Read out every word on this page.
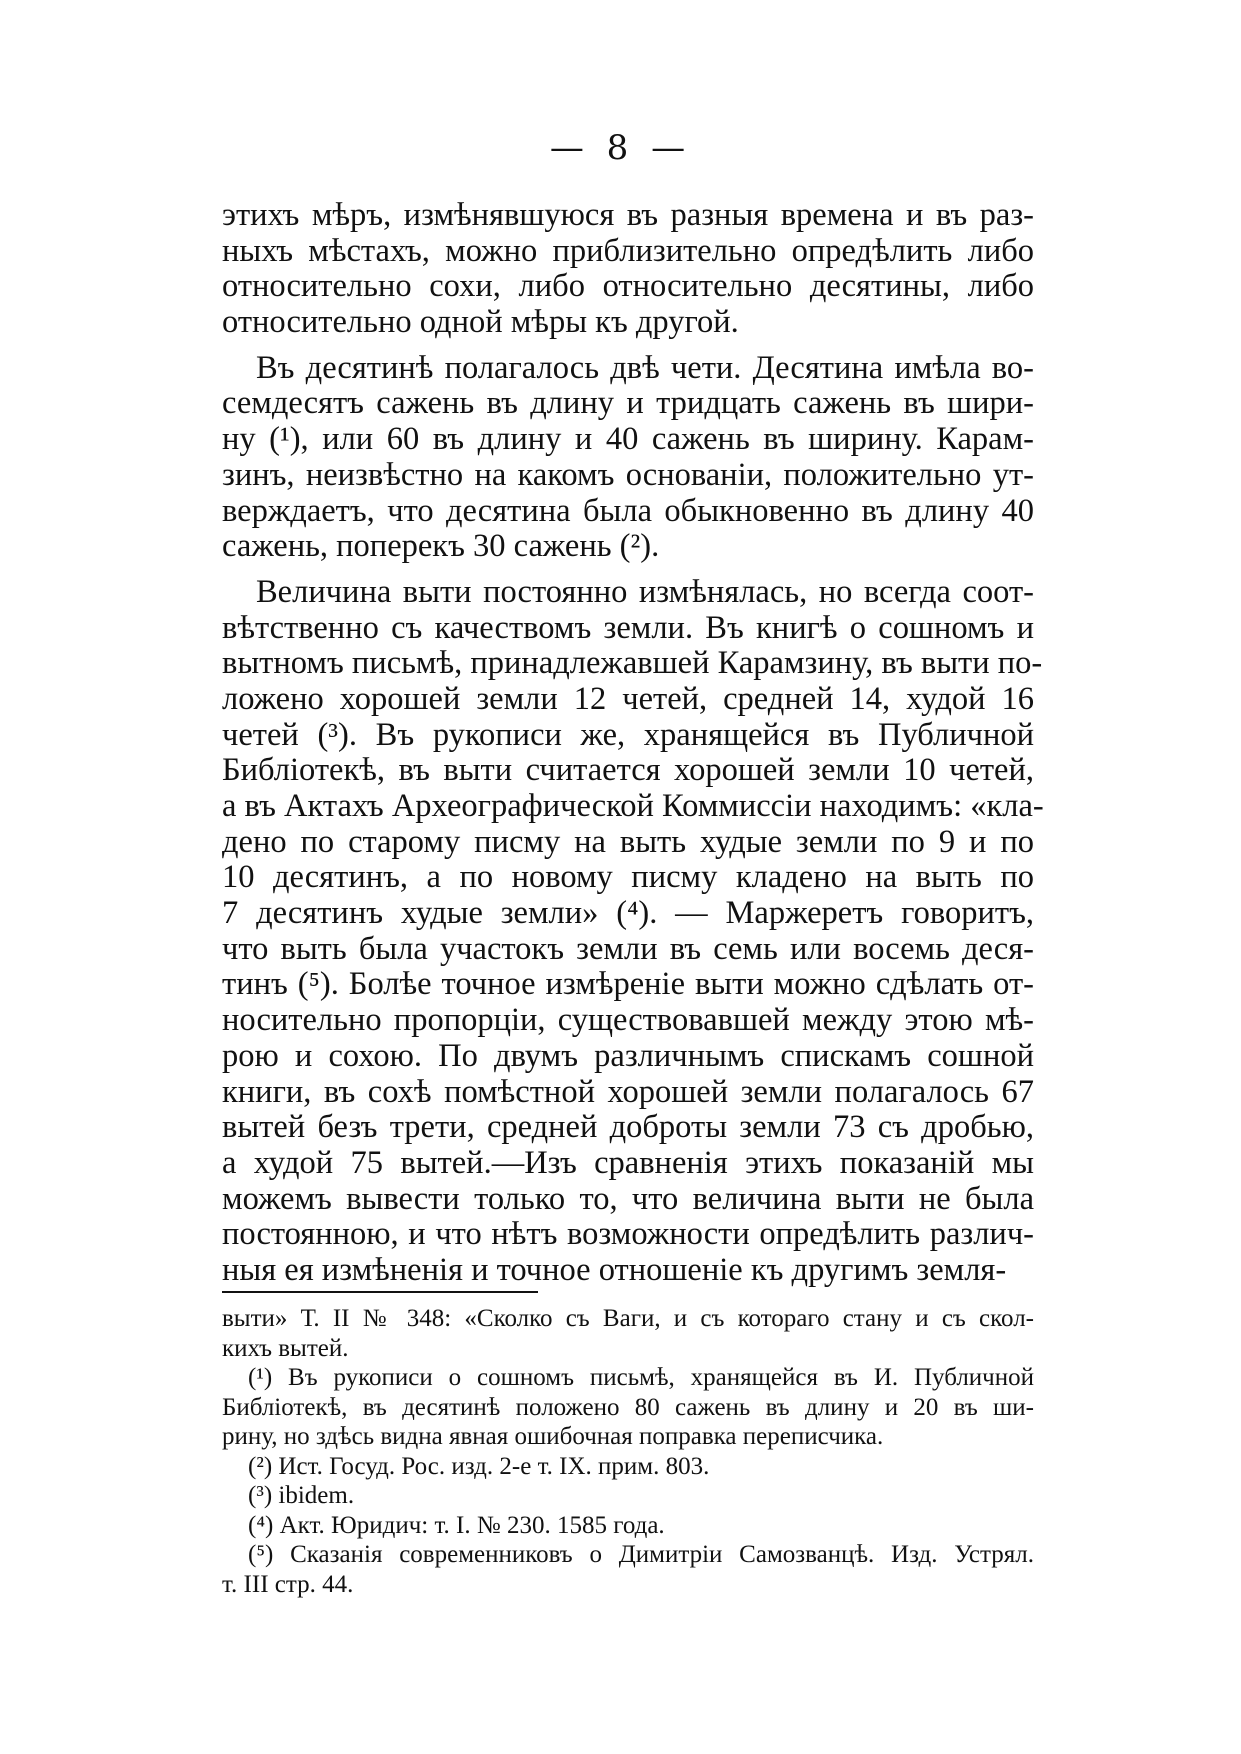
— 8 —
этихъ мѣръ, измѣнявшуюся въ разныя времена и въ раз-
ныхъ мѣстахъ, можно приблизительно опредѣлить либо
относительно сохи, либо относительно десятины, либо
относительно одной мѣры къ другой.
Въ десятинѣ полагалось двѣ чети. Десятина имѣла во-
семдесятъ сажень въ длину и тридцать сажень въ шири-
ну (¹), или 60 въ длину и 40 сажень въ ширину. Карам-
зинъ, неизвѣстно на какомъ основаніи, положительно ут-
верждаетъ, что десятина была обыкновенно въ длину 40
сажень, поперекъ 30 сажень (²).
Величина выти постоянно измѣнялась, но всегда соот-
вѣтственно съ качествомъ земли. Въ книгѣ о сошномъ и
вытномъ письмѣ, принадлежавшей Карамзину, въ выти по-
ложено хорошей земли 12 четей, средней 14, худой 16
четей (³). Въ рукописи же, хранящейся въ Публичной
Библіотекѣ, въ выти считается хорошей земли 10 четей,
а въ Актахъ Археографической Коммиссіи находимъ: «кла-
дено по старому писму на выть худые земли по 9 и по
10 десятинъ, а по новому писму кладено на выть по
7 десятинъ худые земли» (⁴). — Маржеретъ говоритъ,
что выть была участокъ земли въ семь или восемь деся-
тинъ (⁵). Болѣе точное измѣреніе выти можно сдѣлать от-
носительно пропорціи, существовавшей между этою мѣ-
рою и сохою. По двумъ различнымъ спискамъ сошной
книги, въ сохѣ помѣстной хорошей земли полагалось 67
вытей безъ трети, средней доброты земли 73 съ дробью,
а худой 75 вытей.—Изъ сравненія этихъ показаній мы
можемъ вывести только то, что величина выти не была
постоянною, и что нѣтъ возможности опредѣлить различ-
ныя ея измѣненія и точное отношеніе къ другимъ земля-
выти» Т. II № 348: «Сколко съ Ваги, и съ котораго стану и съ скол-
кихъ вытей.
(¹) Въ рукописи о сошномъ письмѣ, хранящейся въ И. Публичной
Библіотекѣ, въ десятинѣ положено 80 сажень въ длину и 20 въ ши-
рину, но здѣсь видна явная ошибочная поправка переписчика.
(²) Ист. Госуд. Рос. изд. 2-е т. IX. прим. 803.
(³) ibidem.
(⁴) Акт. Юридич: т. I. № 230. 1585 года.
(⁵) Сказанія современниковъ о Димитріи Самозванцѣ. Изд. Устрял.
т. III стр. 44.
